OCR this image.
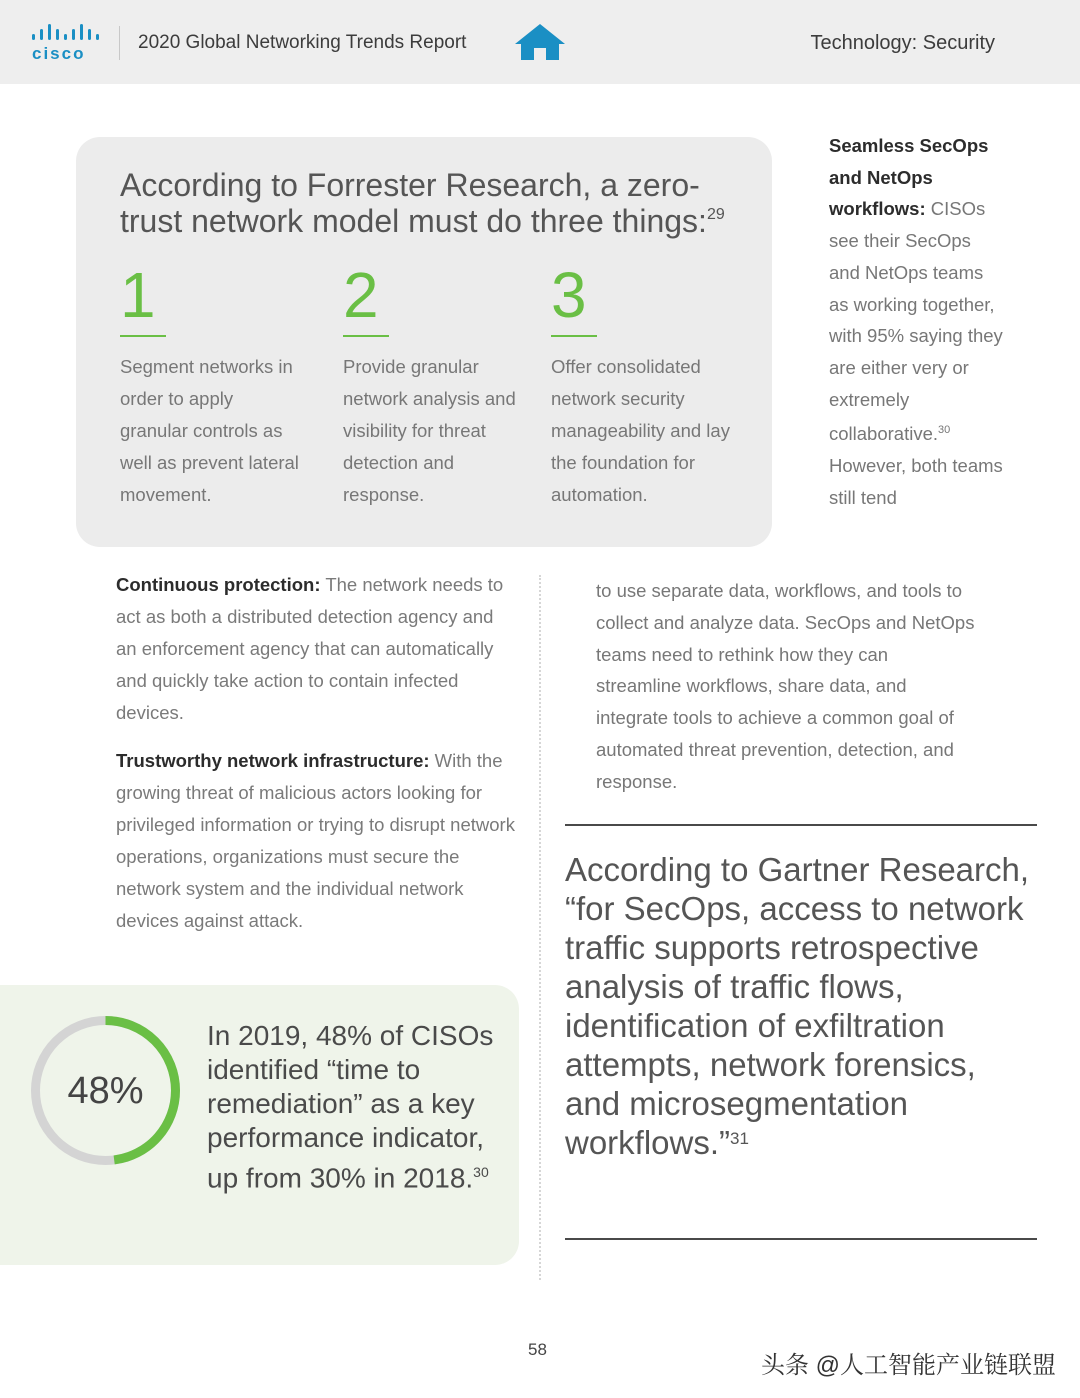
cisco
2020 Global Networking Trends Report	Technology: Security
According to Forrester Research, a zero-trust network model must do three things:$^{29}$
1
Segment networks in order to apply granular controls as well as prevent lateral movement.
2
Provide granular network analysis and visibility for threat detection and response.
3
Offer consolidated network security manageability and lay the foundation for automation.
Seamless SecOps and NetOps workflows: CISOs see their SecOps and NetOps teams as working together, with 95% saying they are either very or extremely collaborative.$^{30}$ However, both teams still tend
to use separate data, workflows, and tools to collect and analyze data. SecOps and NetOps teams need to rethink how they can streamline workflows, share data, and integrate tools to achieve a common goal of automated threat prevention, detection, and response.
Continuous protection: The network needs to act as both a distributed detection agency and an enforcement agency that can automatically and quickly take action to contain infected devices.
Trustworthy network infrastructure: With the growing threat of malicious actors looking for privileged information or trying to disrupt network operations, organizations must secure the network system and the individual network devices against attack.
48%
In 2019, 48% of CISOs identified “time to remediation” as a key performance indicator, up from 30% in 2018.30
According to Gartner Research, “for SecOps, access to network traffic supports retrospective analysis of traffic flows, identification of exfiltration attempts, network forensics, and microsegmentation workflows.”$^{31}$
58
头条 @人工智能产业链联盟
